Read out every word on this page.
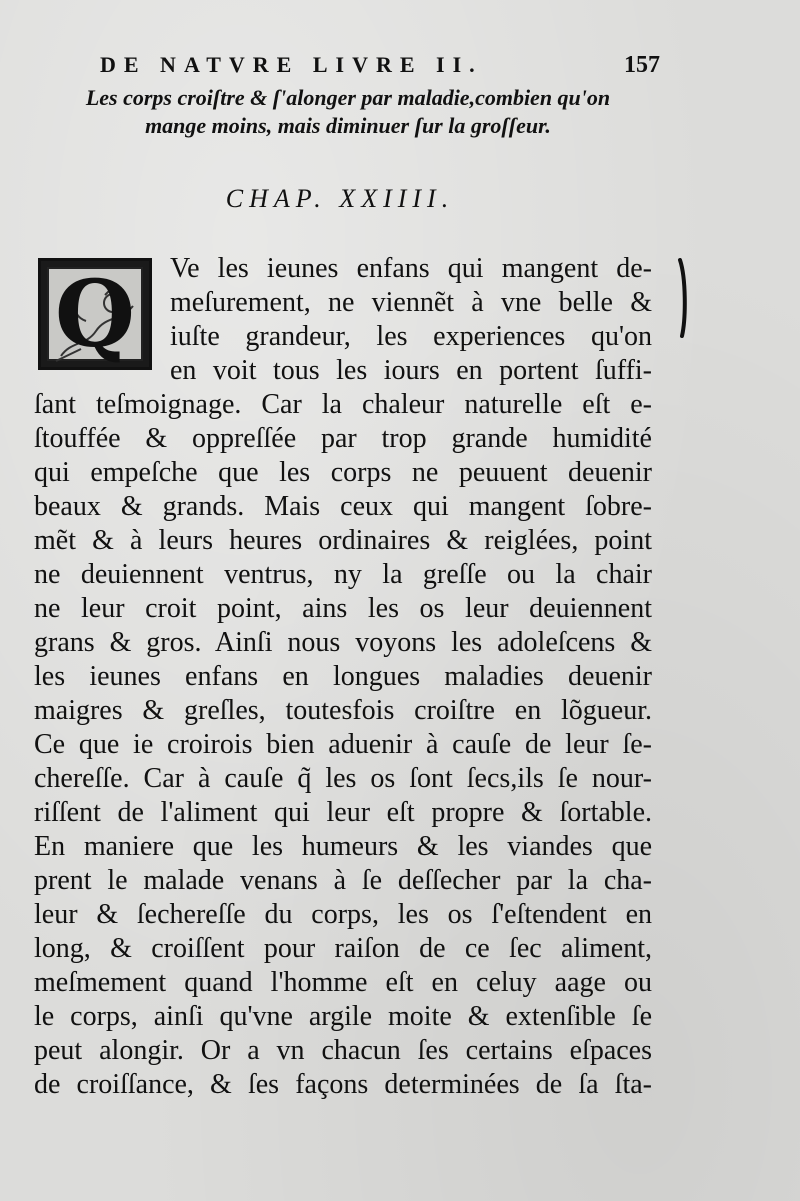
DE NATVRE LIVRE II.	157
Les corps croiſtre & ſ'alonger par maladie,combien qu'on
mange moins, mais diminuer ſur la groſſeur.
CHAP. XXIIII.
Q	Ve les ieunes enfans qui mangent de-
meſurement, ne viennẽt à vne belle &
iuſte grandeur, les experiences qu'on
en voit tous les iours en portent ſuffi-
ſant teſmoignage. Car la chaleur naturelle eſt e-
ſtouffée & oppreſſée par trop grande humidité
qui empeſche que les corps ne peuuent deuenir
beaux & grands. Mais ceux qui mangent ſobre-
mẽt & à leurs heures ordinaires & reiglées, point
ne deuiennent ventrus, ny la greſſe ou la chair
ne leur croit point, ains les os leur deuiennent
grans & gros. Ainſi nous voyons les adoleſcens &
les ieunes enfans en longues maladies deuenir
maigres & greſles, toutesfois croiſtre en lõgueur.
Ce que ie croirois bien aduenir à cauſe de leur ſe-
chereſſe. Car à cauſe q̃ les os ſont ſecs,ils ſe nour-
riſſent de l'aliment qui leur eſt propre & ſortable.
En maniere que les humeurs & les viandes que
prent le malade venans à ſe deſſecher par la cha-
leur & ſechereſſe du corps, les os ſ'eſtendent en
long, & croiſſent pour raiſon de ce ſec aliment,
meſmement quand l'homme eſt en celuy aage ou
le corps, ainſi qu'vne argile moite & extenſible ſe
peut alongir. Or a vn chacun ſes certains eſpaces
de croiſſance, & ſes façons determinées de ſa ſta-
